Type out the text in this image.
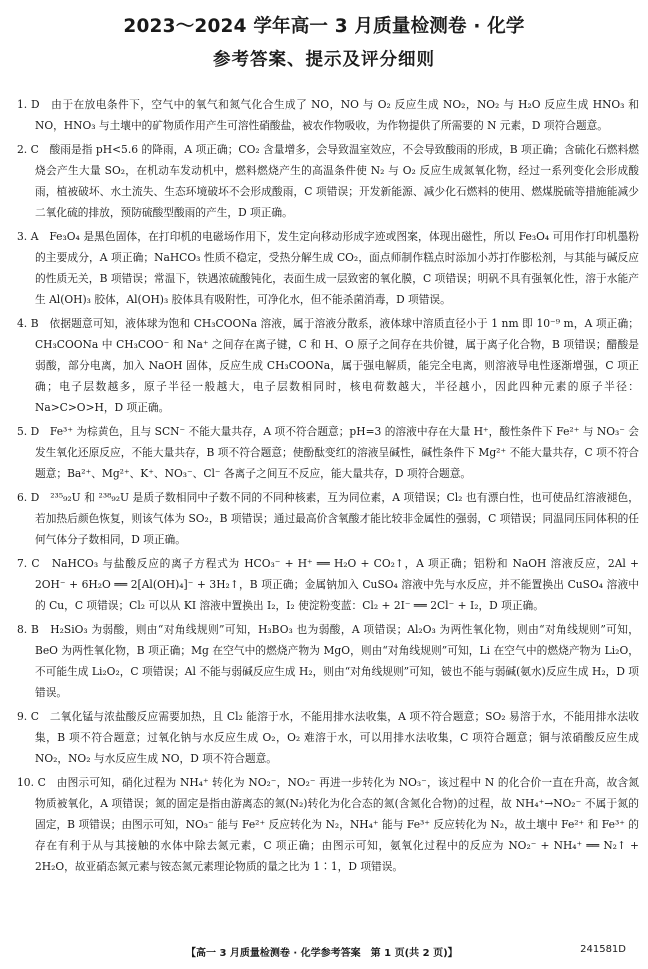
2023～2024 学年高一 3 月质量检测卷 · 化学
参考答案、提示及评分细则
1. D　由于在放电条件下，空气中的氧气和氮气化合生成了 NO，NO 与 O₂ 反应生成 NO₂，NO₂ 与 H₂O 反应生成 HNO₃ 和 NO，HNO₃ 与土壤中的矿物质作用产生可溶性硝酸盐，被农作物吸收，为作物提供了所需要的 N 元素，D 项符合题意。
2. C　酸雨是指 pH<5.6 的降雨，A 项正确；CO₂ 含量增多，会导致温室效应，不会导致酸雨的形成，B 项正确；含硫化石燃料燃烧会产生大量 SO₂，在机动车发动机中，燃料燃烧产生的高温条件使 N₂ 与 O₂ 反应生成氮氧化物，经过一系列变化会形成酸雨，植被破坏、水土流失、生态环境破坏不会形成酸雨，C 项错误；开发新能源、减少化石燃料的使用、燃煤脱硫等措施能减少二氧化硫的排放，预防硫酸型酸雨的产生，D 项正确。
3. A　Fe₃O₄ 是黑色固体，在打印机的电磁场作用下，发生定向移动形成字迹或图案，体现出磁性，所以 Fe₃O₄ 可用作打印机墨粉的主要成分，A 项正确；NaHCO₃ 性质不稳定，受热分解生成 CO₂，面点师制作糕点时添加小苏打作膨松剂，与其能与碱反应的性质无关，B 项错误；常温下，铁遇浓硫酸钝化，表面生成一层致密的氧化膜，C 项错误；明矾不具有强氧化性，溶于水能产生 Al(OH)₃ 胶体，Al(OH)₃ 胶体具有吸附性，可净化水，但不能杀菌消毒，D 项错误。
4. B　依据题意可知，液体球为饱和 CH₃COONa 溶液，属于溶液分散系，液体球中溶质直径小于 1 nm 即 10⁻⁹ m，A 项正确；CH₃COONa 中 CH₃COO⁻ 和 Na⁺ 之间存在离子键，C 和 H、O 原子之间存在共价键，属于离子化合物，B 项错误；醋酸是弱酸，部分电离，加入 NaOH 固体，反应生成 CH₃COONa，属于强电解质，能完全电离，则溶液导电性逐渐增强，C 项正确；电子层数越多，原子半径一般越大，电子层数相同时，核电荷数越大，半径越小，因此四种元素的原子半径：Na>C>O>H，D 项正确。
5. D　Fe³⁺ 为棕黄色，且与 SCN⁻ 不能大量共存，A 项不符合题意；pH=3 的溶液中存在大量 H⁺，酸性条件下 Fe²⁺ 与 NO₃⁻ 会发生氧化还原反应，不能大量共存，B 项不符合题意；使酚酞变红的溶液呈碱性，碱性条件下 Mg²⁺ 不能大量共存，C 项不符合题意；Ba²⁺、Mg²⁺、K⁺、NO₃⁻、Cl⁻ 各离子之间互不反应，能大量共存，D 项符合题意。
6. D　²³⁵₉₂U 和 ²³⁸₉₂U 是质子数相同中子数不同的不同种核素，互为同位素，A 项错误；Cl₂ 也有漂白性，也可使品红溶液褪色，若加热后颜色恢复，则该气体为 SO₂，B 项错误；通过最高价含氧酸才能比较非金属性的强弱，C 项错误；同温同压同体积的任何气体分子数相同，D 项正确。
7. C　NaHCO₃ 与盐酸反应的离子方程式为 HCO₃⁻ + H⁺ ══ H₂O + CO₂↑，A 项正确；铝粉和 NaOH 溶液反应，2Al + 2OH⁻ + 6H₂O ══ 2[Al(OH)₄]⁻ + 3H₂↑，B 项正确；金属钠加入 CuSO₄ 溶液中先与水反应，并不能置换出 CuSO₄ 溶液中的 Cu，C 项错误；Cl₂ 可以从 KI 溶液中置换出 I₂，I₂ 使淀粉变蓝：Cl₂ + 2I⁻ ══ 2Cl⁻ + I₂，D 项正确。
8. B　H₂SiO₃ 为弱酸，则由“对角线规则”可知，H₃BO₃ 也为弱酸，A 项错误；Al₂O₃ 为两性氧化物，则由“对角线规则”可知，BeO 为两性氧化物，B 项正确；Mg 在空气中的燃烧产物为 MgO，则由“对角线规则”可知，Li 在空气中的燃烧产物为 Li₂O，不可能生成 Li₂O₂，C 项错误；Al 不能与弱碱反应生成 H₂，则由“对角线规则”可知，铍也不能与弱碱(氨水)反应生成 H₂，D 项错误。
9. C　二氧化锰与浓盐酸反应需要加热，且 Cl₂ 能溶于水，不能用排水法收集，A 项不符合题意；SO₂ 易溶于水，不能用排水法收集，B 项不符合题意；过氧化钠与水反应生成 O₂，O₂ 难溶于水，可以用排水法收集，C 项符合题意；铜与浓硝酸反应生成 NO₂，NO₂ 与水反应生成 NO，D 项不符合题意。
10. C　由图示可知，硝化过程为 NH₄⁺ 转化为 NO₂⁻，NO₂⁻ 再进一步转化为 NO₃⁻，该过程中 N 的化合价一直在升高，故含氮物质被氧化，A 项错误；氮的固定是指由游离态的氮(N₂)转化为化合态的氮(含氮化合物)的过程，故 NH₄⁺→NO₂⁻ 不属于氮的固定，B 项错误；由图示可知，NO₃⁻ 能与 Fe²⁺ 反应转化为 N₂，NH₄⁺ 能与 Fe³⁺ 反应转化为 N₂，故土壤中 Fe²⁺ 和 Fe³⁺ 的存在有利于从与其接触的水体中除去氮元素，C 项正确；由图示可知，氨氧化过程中的反应为 NO₂⁻ + NH₄⁺ ══ N₂↑ + 2H₂O，故亚硝态氮元素与铵态氮元素理论物质的量之比为 1∶1，D 项错误。
【高一 3 月质量检测卷 · 化学参考答案　第 1 页(共 2 页)】	241581D
